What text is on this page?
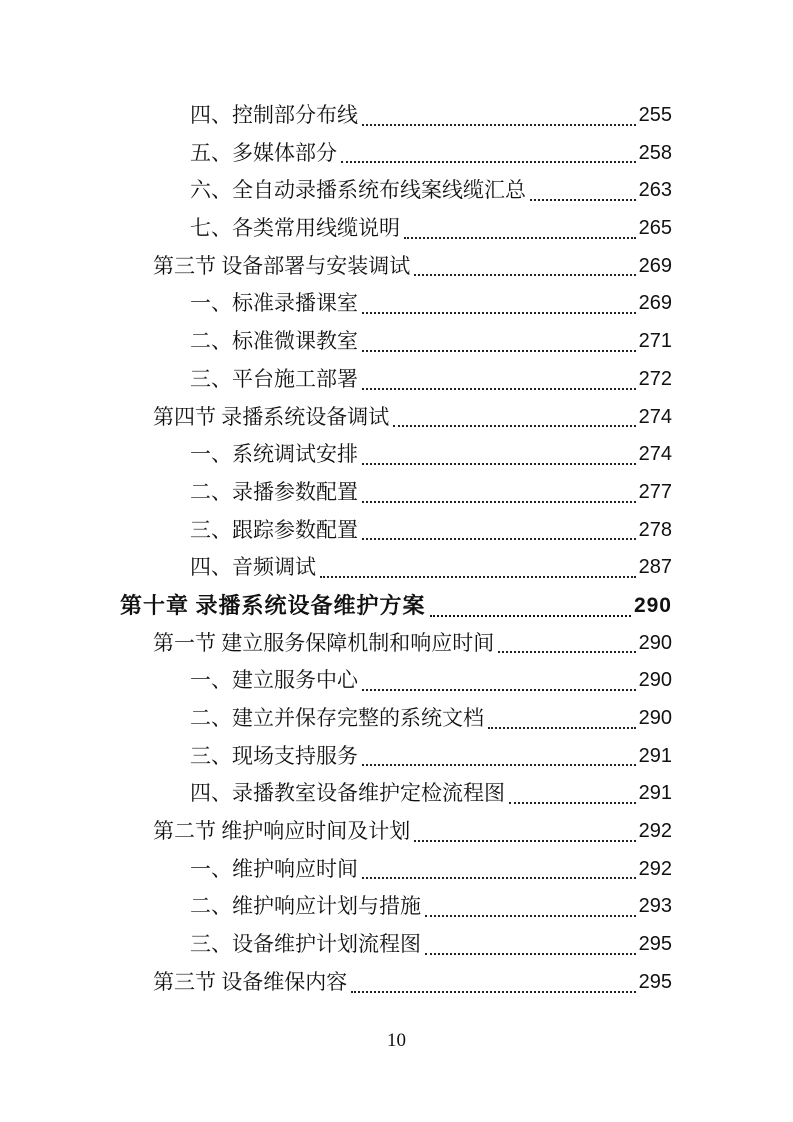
四、控制部分布线	255
五、多媒体部分	258
六、全自动录播系统布线案线缆汇总	263
七、各类常用线缆说明	265
第三节 设备部署与安装调试	269
一、标准录播课室	269
二、标准微课教室	271
三、平台施工部署	272
第四节 录播系统设备调试	274
一、系统调试安排	274
二、录播参数配置	277
三、跟踪参数配置	278
四、音频调试	287
第十章 录播系统设备维护方案	290
第一节 建立服务保障机制和响应时间	290
一、建立服务中心	290
二、建立并保存完整的系统文档	290
三、现场支持服务	291
四、录播教室设备维护定检流程图	291
第二节 维护响应时间及计划	292
一、维护响应时间	292
二、维护响应计划与措施	293
三、设备维护计划流程图	295
第三节 设备维保内容	295
10
